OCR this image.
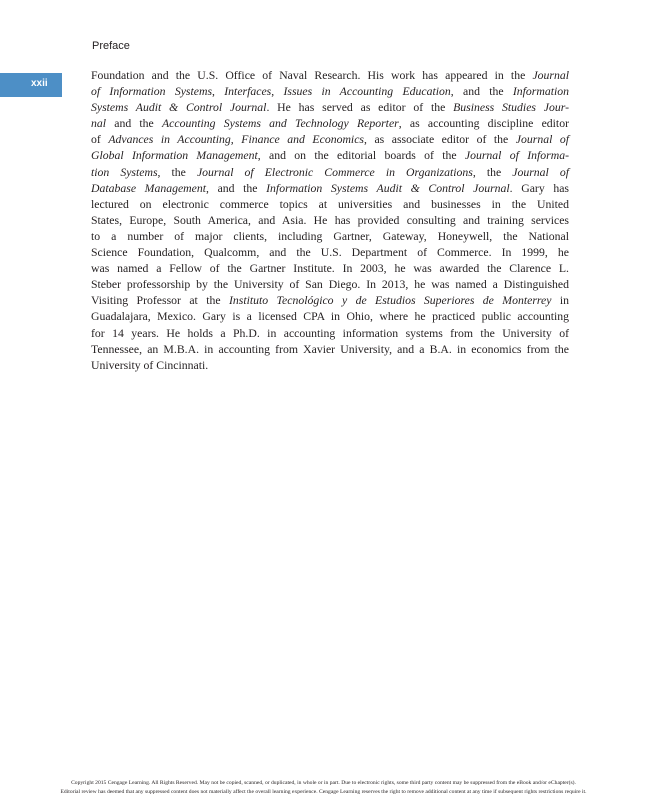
Preface
xxii
Foundation and the U.S. Office of Naval Research. His work has appeared in the Journal
of Information Systems, Interfaces, Issues in Accounting Education, and the Information
Systems Audit & Control Journal. He has served as editor of the Business Studies Jour-
nal and the Accounting Systems and Technology Reporter, as accounting discipline editor
of Advances in Accounting, Finance and Economics, as associate editor of the Journal of
Global Information Management, and on the editorial boards of the Journal of Informa-
tion Systems, the Journal of Electronic Commerce in Organizations, the Journal of
Database Management, and the Information Systems Audit & Control Journal. Gary has
lectured on electronic commerce topics at universities and businesses in the United
States, Europe, South America, and Asia. He has provided consulting and training services
to a number of major clients, including Gartner, Gateway, Honeywell, the National
Science Foundation, Qualcomm, and the U.S. Department of Commerce. In 1999, he
was named a Fellow of the Gartner Institute. In 2003, he was awarded the Clarence L.
Steber professorship by the University of San Diego. In 2013, he was named a Distinguished
Visiting Professor at the Instituto Tecnológico y de Estudios Superiores de Monterrey in
Guadalajara, Mexico. Gary is a licensed CPA in Ohio, where he practiced public accounting
for 14 years. He holds a Ph.D. in accounting information systems from the University of
Tennessee, an M.B.A. in accounting from Xavier University, and a B.A. in economics from the
University of Cincinnati.
Copyright 2015 Cengage Learning. All Rights Reserved. May not be copied, scanned, or duplicated, in whole or in part. Due to electronic rights, some third party content may be suppressed from the eBook and/or eChapter(s).
Editorial review has deemed that any suppressed content does not materially affect the overall learning experience. Cengage Learning reserves the right to remove additional content at any time if subsequent rights restrictions require it.
